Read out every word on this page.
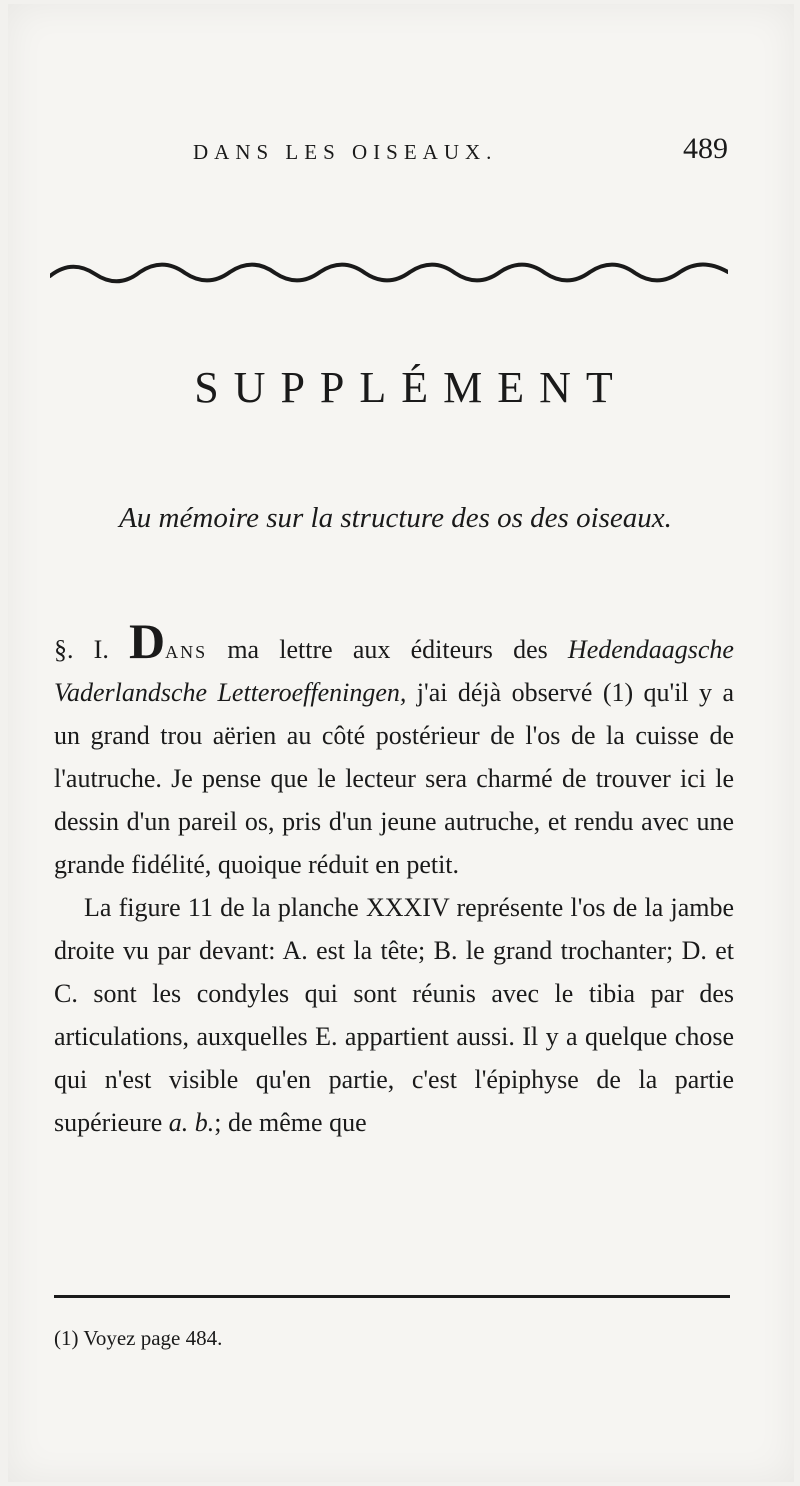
DANS LES OISEAUX.	489
SUPPLÉMENT
Au mémoire sur la structure des os des oiseaux.

§. I. Dans ma lettre aux éditeurs des Hedendaagsche Vaderlandsche Letteroeffeningen, j'ai déjà observé (1) qu'il y a un grand trou aërien au côté postérieur de l'os de la cuisse de l'autruche. Je pense que le lecteur sera charmé de trouver ici le dessin d'un pareil os, pris d'un jeune autruche, et rendu avec une grande fidélité, quoique réduit en petit.

La figure 11 de la planche XXXIV représente l'os de la jambe droite vu par devant: A. est la tête; B. le grand trochanter; D. et C. sont les condyles qui sont réunis avec le tibia par des articulations, auxquelles E. appartient aussi. Il y a quelque chose qui n'est visible qu'en partie, c'est l'épiphyse de la partie supérieure a. b.; de même que

(1) Voyez page 484.
